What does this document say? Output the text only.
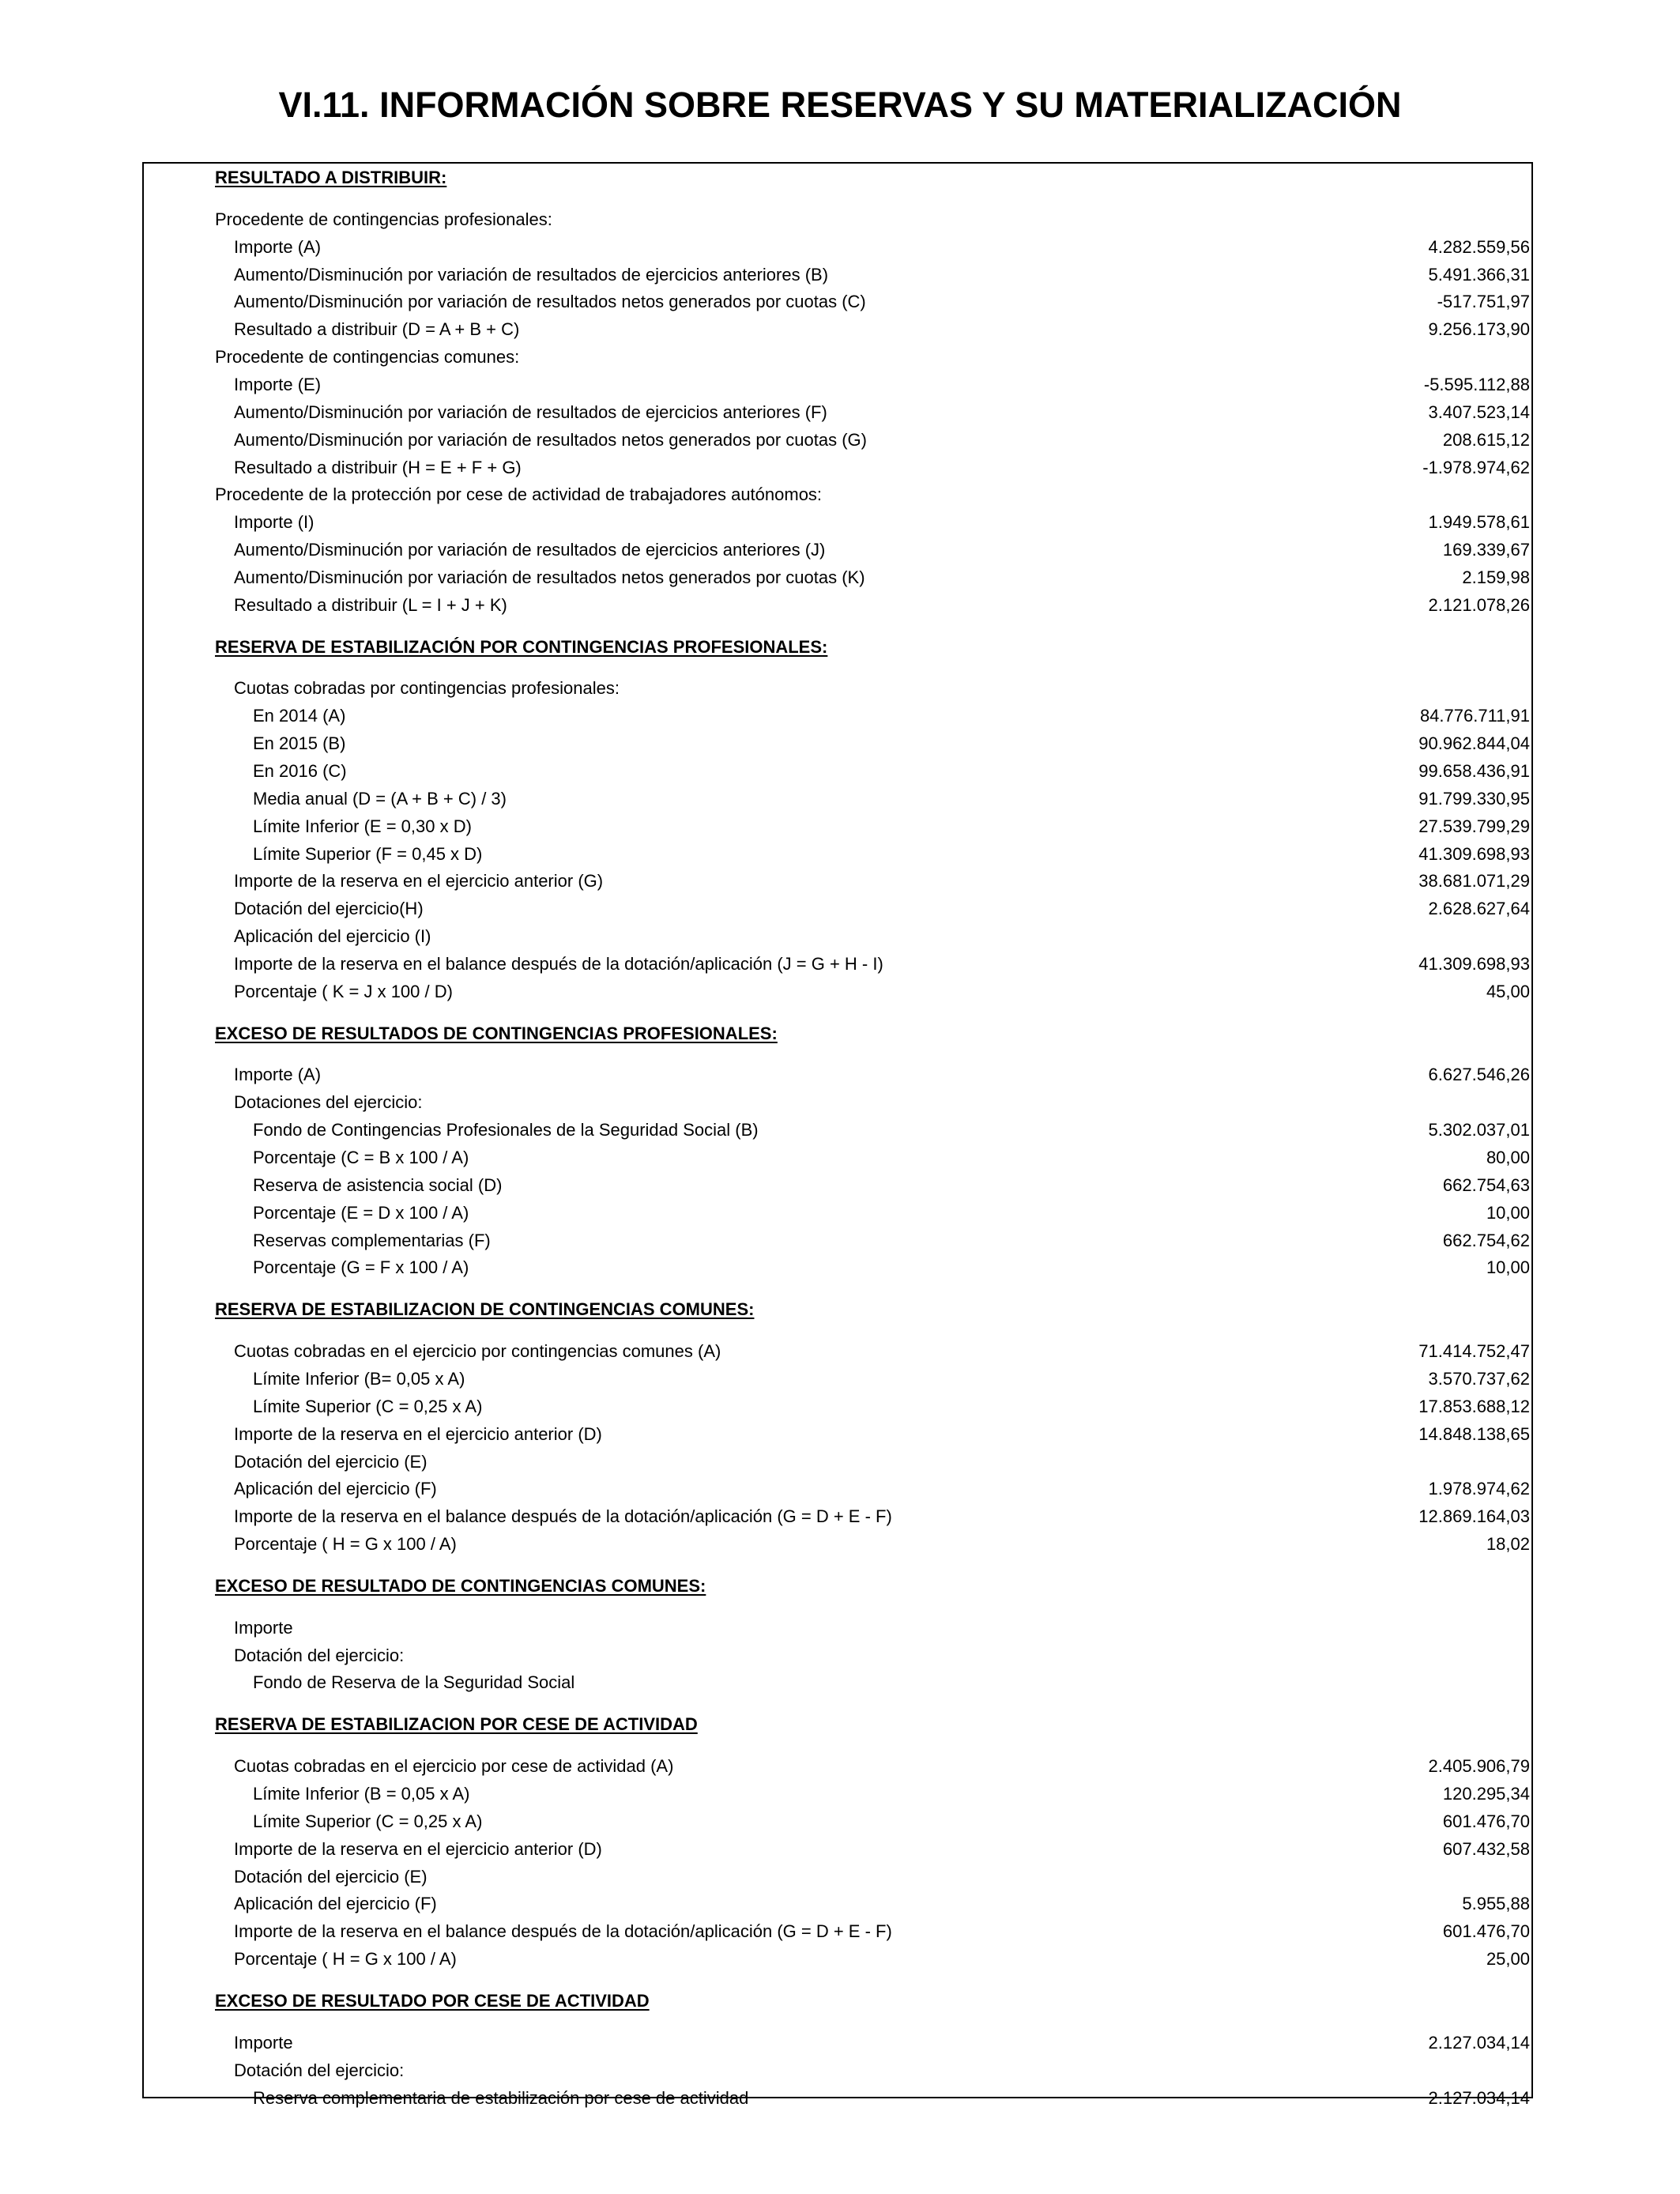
VI.11. INFORMACIÓN SOBRE RESERVAS Y SU MATERIALIZACIÓN
RESULTADO A DISTRIBUIR:
Procedente de contingencias profesionales:
Importe (A)	4.282.559,56
Aumento/Disminución por variación de resultados de ejercicios anteriores (B)	5.491.366,31
Aumento/Disminución por variación de resultados netos generados por cuotas (C)	-517.751,97
Resultado a distribuir (D = A + B + C)	9.256.173,90
Procedente de contingencias comunes:
Importe (E)	-5.595.112,88
Aumento/Disminución por variación de resultados de ejercicios anteriores (F)	3.407.523,14
Aumento/Disminución por variación de resultados netos generados por cuotas (G)	208.615,12
Resultado a distribuir (H = E + F + G)	-1.978.974,62
Procedente de la protección por cese de actividad de trabajadores autónomos:
Importe (I)	1.949.578,61
Aumento/Disminución por variación de resultados de ejercicios anteriores (J)	169.339,67
Aumento/Disminución por variación de resultados netos generados por cuotas (K)	2.159,98
Resultado a distribuir (L = I + J + K)	2.121.078,26
RESERVA DE ESTABILIZACIÓN POR CONTINGENCIAS PROFESIONALES:
Cuotas cobradas por contingencias profesionales:
En 2014 (A)	84.776.711,91
En 2015 (B)	90.962.844,04
En 2016 (C)	99.658.436,91
Media anual (D = (A + B + C) / 3)	91.799.330,95
Límite Inferior (E = 0,30 x D)	27.539.799,29
Límite Superior (F = 0,45 x D)	41.309.698,93
Importe de la reserva en el ejercicio anterior (G)	38.681.071,29
Dotación del ejercicio(H)	2.628.627,64
Aplicación del ejercicio (I)
Importe de la reserva en el balance después de la dotación/aplicación (J = G + H - I)	41.309.698,93
Porcentaje ( K = J x 100 / D)	45,00
EXCESO DE RESULTADOS DE CONTINGENCIAS PROFESIONALES:
Importe (A)	6.627.546,26
Dotaciones del ejercicio:
Fondo de Contingencias Profesionales de la Seguridad Social (B)	5.302.037,01
Porcentaje (C = B x 100 / A)	80,00
Reserva de asistencia social (D)	662.754,63
Porcentaje (E = D x 100 / A)	10,00
Reservas complementarias (F)	662.754,62
Porcentaje (G = F x 100 / A)	10,00
RESERVA DE ESTABILIZACION DE CONTINGENCIAS COMUNES:
Cuotas cobradas en el ejercicio por contingencias comunes (A)	71.414.752,47
Límite Inferior (B= 0,05 x A)	3.570.737,62
Límite Superior (C = 0,25 x A)	17.853.688,12
Importe de la reserva en el ejercicio anterior (D)	14.848.138,65
Dotación del ejercicio (E)
Aplicación del ejercicio (F)	1.978.974,62
Importe de la reserva en el balance después de la dotación/aplicación (G = D + E - F)	12.869.164,03
Porcentaje ( H = G x 100 / A)	18,02
EXCESO DE RESULTADO DE CONTINGENCIAS COMUNES:
Importe
Dotación del ejercicio:
Fondo de Reserva de la Seguridad Social
RESERVA DE ESTABILIZACION POR CESE DE ACTIVIDAD
Cuotas cobradas en el ejercicio por cese de actividad (A)	2.405.906,79
Límite Inferior (B = 0,05 x A)	120.295,34
Límite Superior (C = 0,25 x A)	601.476,70
Importe de la reserva en el ejercicio anterior (D)	607.432,58
Dotación del ejercicio (E)
Aplicación del ejercicio (F)	5.955,88
Importe de la reserva en el balance después de la dotación/aplicación (G = D + E - F)	601.476,70
Porcentaje ( H = G x 100 / A)	25,00
EXCESO DE RESULTADO POR CESE DE ACTIVIDAD
Importe	2.127.034,14
Dotación del ejercicio:
Reserva complementaria de estabilización por cese de actividad	2.127.034,14
